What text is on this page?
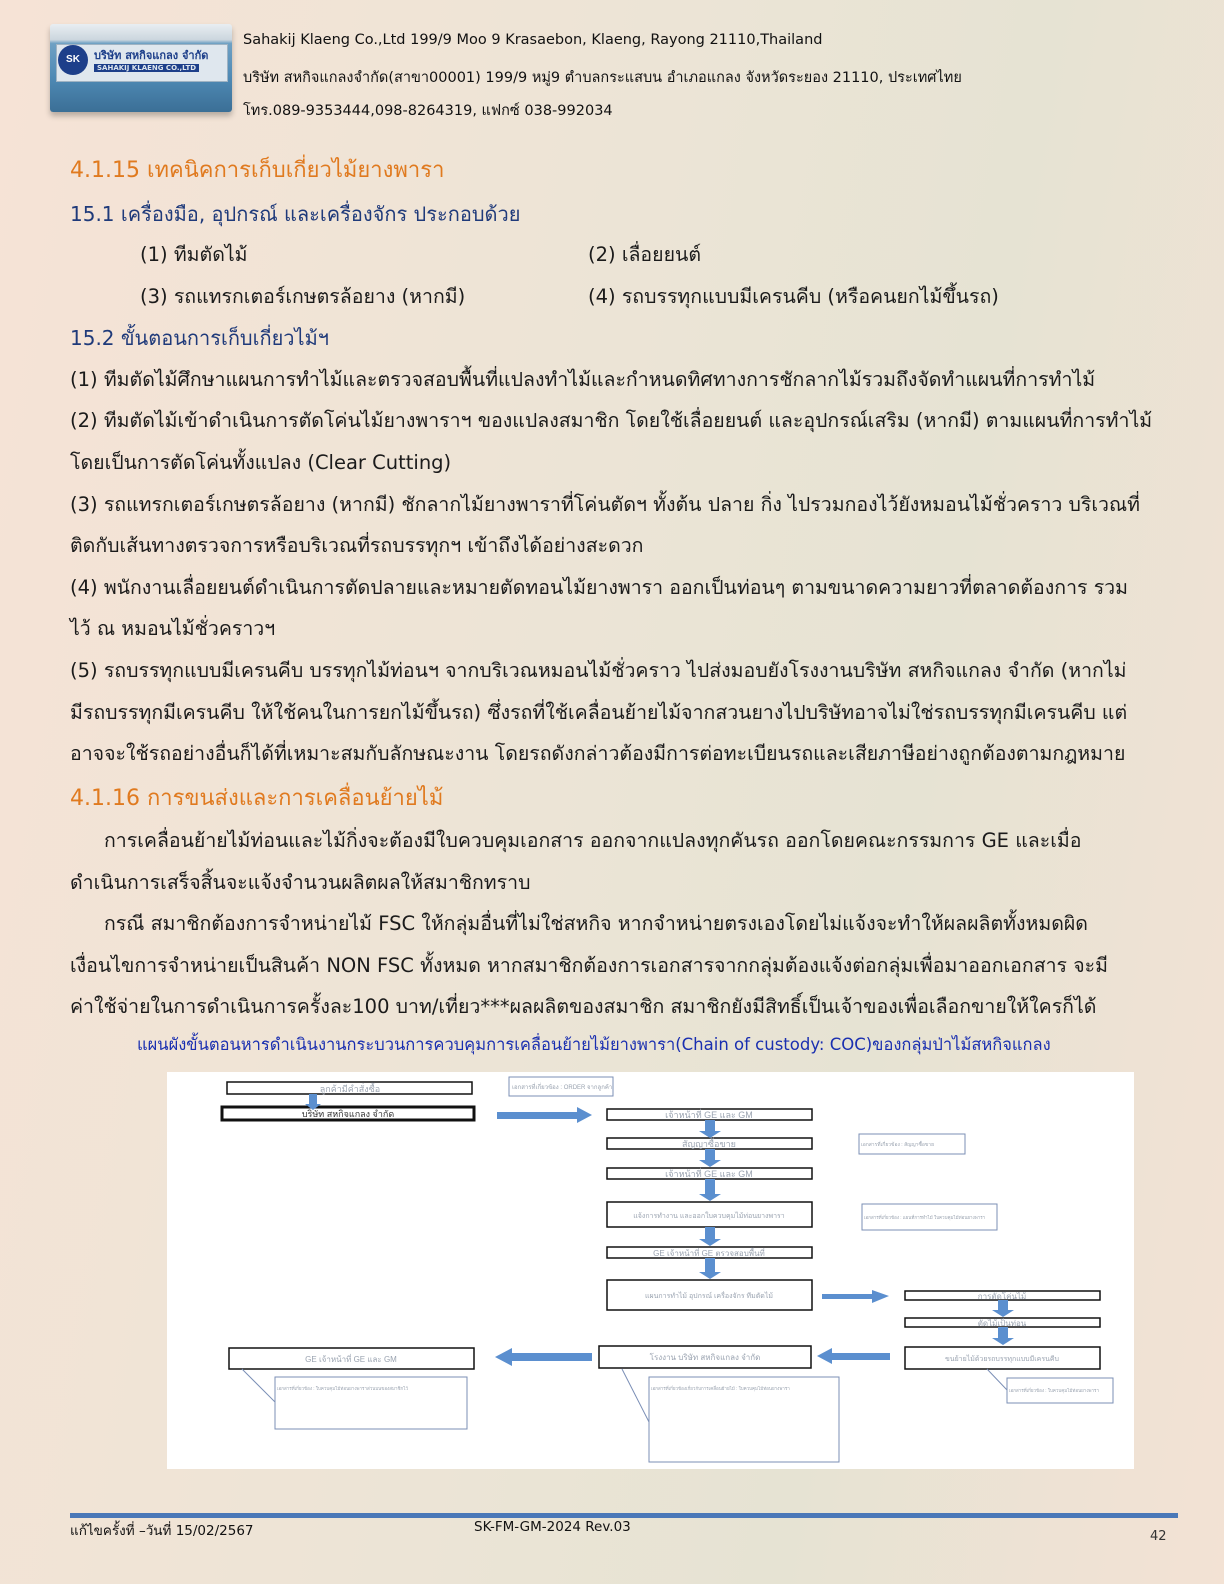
SK	บริษัท สหกิจแกลง จำกัด
SAHAKIJ KLAENG CO.,LTD
Sahakij Klaeng Co.,Ltd 199/9 Moo 9 Krasaebon, Klaeng, Rayong 21110,Thailand
บริษัท สหกิจแกลงจำกัด(สาขา00001) 199/9 หมู่9 ตำบลกระแสบน อำเภอแกลง จังหวัดระยอง 21110, ประเทศไทย
โทร.089-9353444,098-8264319, แฟกซ์ 038-992034
4.1.15 เทคนิคการเก็บเกี่ยวไม้ยางพารา
15.1 เครื่องมือ, อุปกรณ์ และเครื่องจักร ประกอบด้วย
(1) ทีมตัดไม้	(2) เลื่อยยนต์
(3) รถแทรกเตอร์เกษตรล้อยาง (หากมี)	(4) รถบรรทุกแบบมีเครนคีบ (หรือคนยกไม้ขึ้นรถ)
15.2 ขั้นตอนการเก็บเกี่ยวไม้ฯ
(1) ทีมตัดไม้ศึกษาแผนการทำไม้และตรวจสอบพื้นที่แปลงทำไม้และกำหนดทิศทางการชักลากไม้รวมถึงจัดทำแผนที่การทำไม้
(2) ทีมตัดไม้เข้าดำเนินการตัดโค่นไม้ยางพาราฯ ของแปลงสมาชิก โดยใช้เลื่อยยนต์ และอุปกรณ์เสริม (หากมี) ตามแผนที่การทำไม้
โดยเป็นการตัดโค่นทั้งแปลง (Clear Cutting)
(3) รถแทรกเตอร์เกษตรล้อยาง (หากมี) ชักลากไม้ยางพาราที่โค่นตัดฯ ทั้งต้น ปลาย กิ่ง ไปรวมกองไว้ยังหมอนไม้ชั่วคราว บริเวณที่
ติดกับเส้นทางตรวจการหรือบริเวณที่รถบรรทุกฯ เข้าถึงได้อย่างสะดวก
(4) พนักงานเลื่อยยนต์ดำเนินการตัดปลายและหมายตัดทอนไม้ยางพารา ออกเป็นท่อนๆ ตามขนาดความยาวที่ตลาดต้องการ รวม
ไว้ ณ หมอนไม้ชั่วคราวฯ
(5) รถบรรทุกแบบมีเครนคีบ บรรทุกไม้ท่อนฯ จากบริเวณหมอนไม้ชั่วคราว ไปส่งมอบยังโรงงานบริษัท สหกิจแกลง จำกัด (หากไม่
มีรถบรรทุกมีเครนคีบ ให้ใช้คนในการยกไม้ขึ้นรถ) ซึ่งรถที่ใช้เคลื่อนย้ายไม้จากสวนยางไปบริษัทอาจไม่ใช่รถบรรทุกมีเครนคีบ แต่
อาจจะใช้รถอย่างอื่นก็ได้ที่เหมาะสมกับลักษณะงาน โดยรถดังกล่าวต้องมีการต่อทะเบียนรถและเสียภาษีอย่างถูกต้องตามกฎหมาย
4.1.16 การขนส่งและการเคลื่อนย้ายไม้
การเคลื่อนย้ายไม้ท่อนและไม้กิ่งจะต้องมีใบควบคุมเอกสาร ออกจากแปลงทุกคันรถ ออกโดยคณะกรรมการ GE และเมื่อ
ดำเนินการเสร็จสิ้นจะแจ้งจำนวนผลิตผลให้สมาชิกทราบ
กรณี สมาชิกต้องการจำหน่ายไม้ FSC ให้กลุ่มอื่นที่ไม่ใช่สหกิจ หากจำหน่ายตรงเองโดยไม่แจ้งจะทำให้ผลผลิตทั้งหมดผิด
เงื่อนไขการจำหน่ายเป็นสินค้า NON FSC ทั้งหมด หากสมาชิกต้องการเอกสารจากกลุ่มต้องแจ้งต่อกลุ่มเพื่อมาออกเอกสาร จะมี
ค่าใช้จ่ายในการดำเนินการครั้งละ100 บาท/เที่ยว***ผลผลิตของสมาชิก สมาชิกยังมีสิทธิ์เป็นเจ้าของเพื่อเลือกขายให้ใครก็ได้
แผนผังขั้นตอนหารดำเนินงานกระบวนการควบคุมการเคลื่อนย้ายไม้ยางพารา(Chain of custody: COC)ของกลุ่มป่าไม้สหกิจแกลง
ลูกค้ามีคำสั่งซื้อ
บริษัท สหกิจแกลง จำกัด	เจ้าหน้าที่ GE และ GM
สัญญาซื้อขาย
เจ้าหน้าที่ GE และ GM
แจ้งการทำงาน และออกใบควบคุมไม้ท่อนยางพารา
GE เจ้าหน้าที่ GE ตรวจสอบพื้นที่
แผนการทำไม้ อุปกรณ์ เครื่องจักร ทีมตัดไม้	การตัดโค่นไม้
ตัดไม้เป็นท่อน
ขนย้ายไม้ด้วยรถบรรทุกแบบมีเครนคีบ
โรงงาน บริษัท สหกิจแกลง จำกัด
GE เจ้าหน้าที่ GE และ GM
เอกสารที่เกี่ยวข้อง : ORDER จากลูกค้า
เอกสารที่เกี่ยวข้อง : สัญญาซื้อขาย
เอกสารที่เกี่ยวข้อง : แผนที่การทำไม้ ใบควบคุมไม้ท่อนยางพารา
เอกสารที่เกี่ยวข้อง : ใบควบคุมไม้ท่อนยางพารา
เอกสารที่เกี่ยวข้อง : ใบควบคุมไม้ท่อนยางพาราส่วนบนของสมาชิกไว้	เอกสารที่เกี่ยวข้องเกี่ยวกับการเคลื่อนย้ายไม้ : ใบควบคุมไม้ท่อนยางพารา
แก้ไขครั้งที่ –วันที่ 15/02/2567	SK-FM-GM-2024 Rev.03
42
